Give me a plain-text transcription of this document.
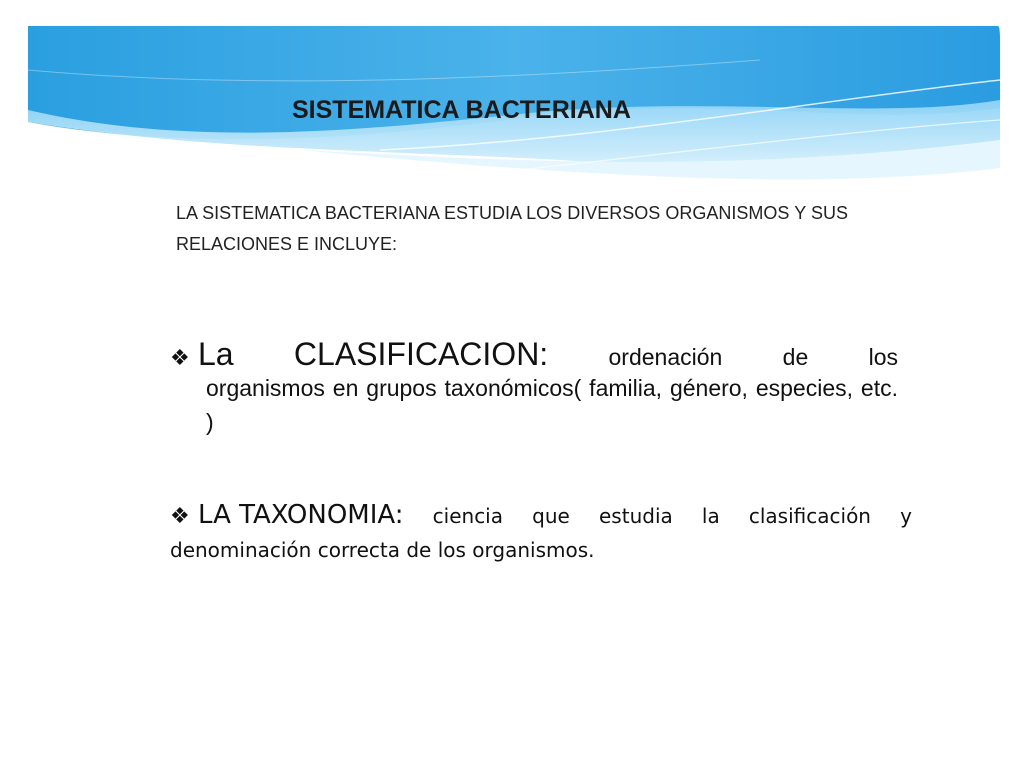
SISTEMATICA BACTERIANA
LA SISTEMATICA BACTERIANA ESTUDIA LOS DIVERSOS ORGANISMOS Y SUS RELACIONES E INCLUYE:
❖ La CLASIFICACION:	ordenación	de	los
organismos en grupos taxonómicos( familia, género, especies, etc. )
❖ LA TAXONOMIA: ciencia que estudia la clasificación y
denominación correcta de los organismos.
